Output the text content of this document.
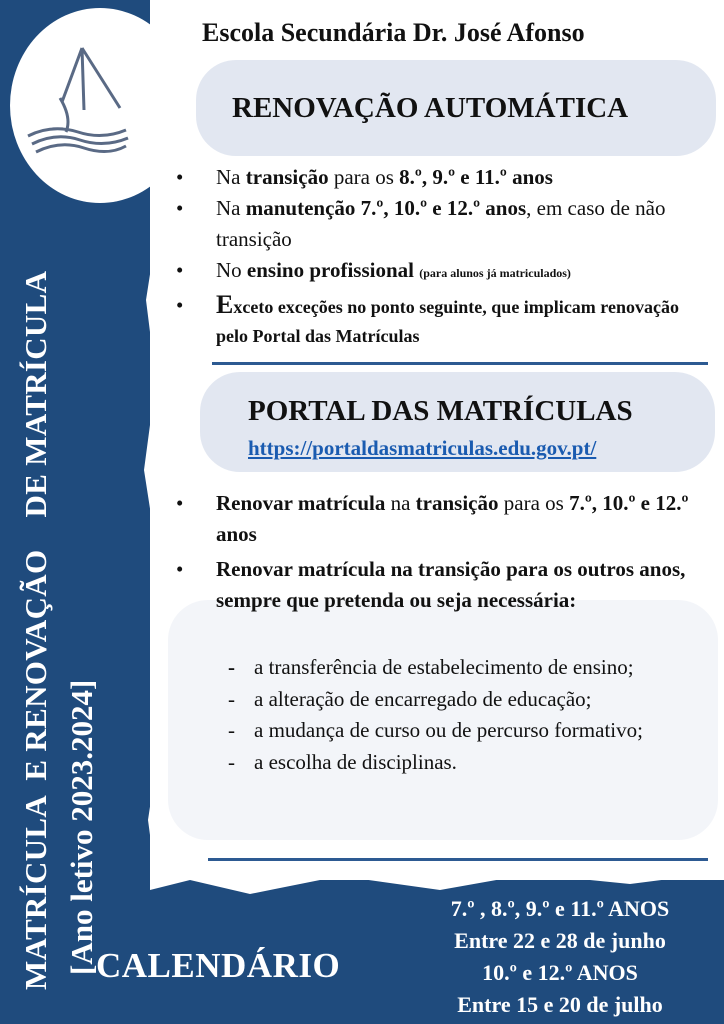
MATRÍCULA  E RENOVAÇÃO    DE MATRÍCULA [Ano letivo 2023.2024]
Escola Secundária Dr. José Afonso
RENOVAÇÃO AUTOMÁTICA
• Na transição para os 8.º, 9.º e 11.º anos
• Na manutenção 7.º, 10.º e 12.º anos, em caso de não transição
• No ensino profissional (para alunos já matriculados)
• Exceto exceções no ponto seguinte, que implicam renovação pelo Portal das Matrículas
PORTAL DAS MATRÍCULAS
https://portaldasmatriculas.edu.gov.pt/
• Renovar matrícula na transição para os 7.º, 10.º e 12.º anos
• Renovar matrícula na transição para os outros anos, sempre que pretenda ou seja necessária:
- a transferência de estabelecimento de ensino;
- a alteração de encarregado de educação;
- a mudança de curso ou de percurso formativo;
- a escolha de disciplinas.
CALENDÁRIO
7.º , 8.º, 9.º e 11.º ANOS
Entre 22 e 28 de junho
10.º e 12.º ANOS
Entre 15 e 20 de julho
